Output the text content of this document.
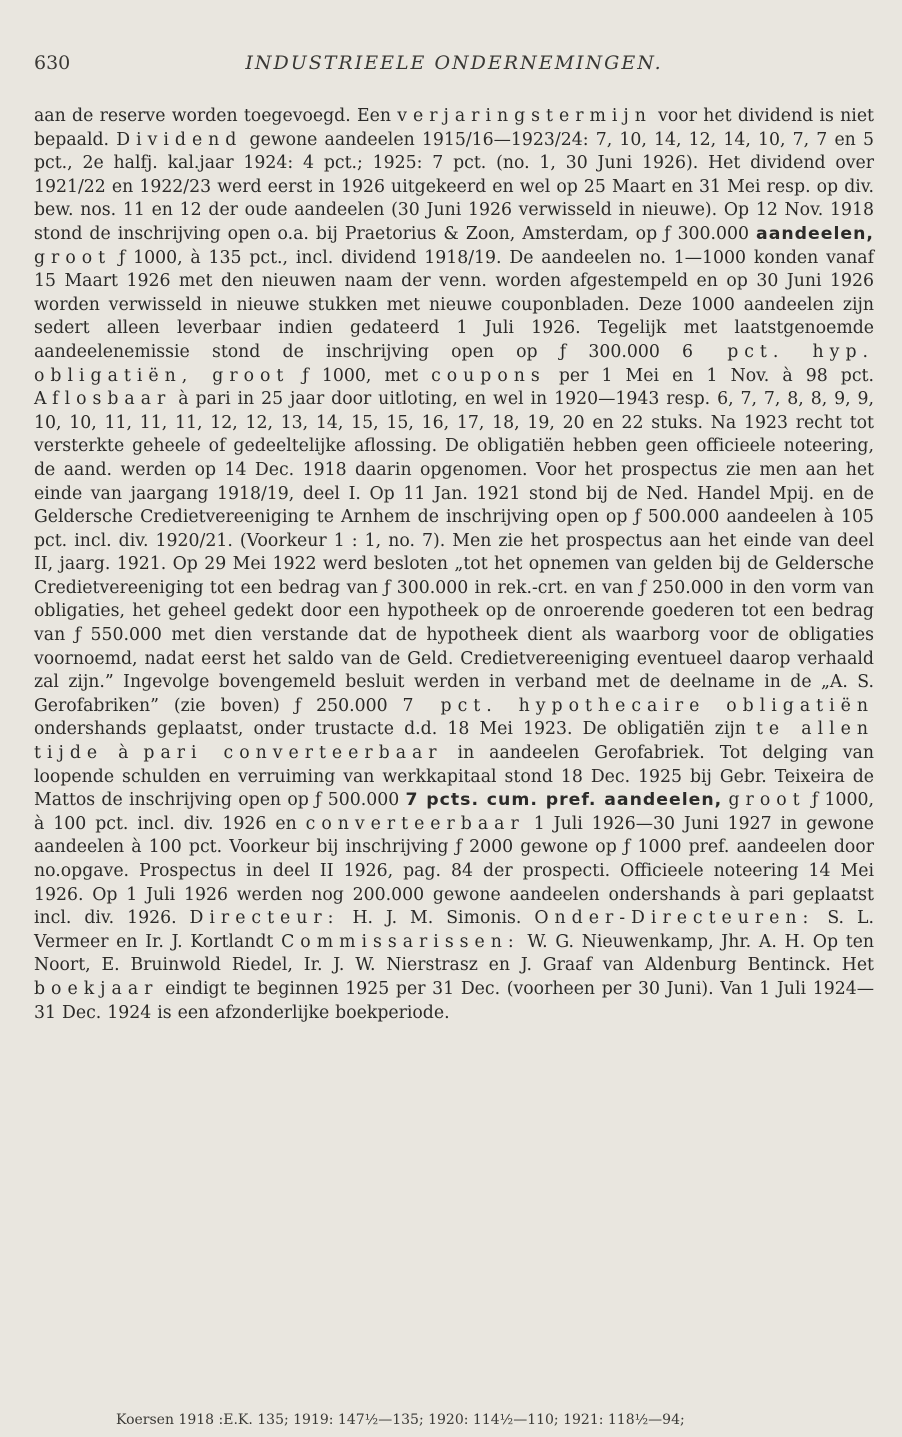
630	INDUSTRIEELE ONDERNEMINGEN.
aan de reserve worden toegevoegd. Een verjaringstermijn voor het dividend is niet bepaald. Dividend gewone aandeelen 1915/16—1923/24: 7, 10, 14, 12, 14, 10, 7, 7 en 5 pct., 2e halfj. kal.jaar 1924: 4 pct.; 1925: 7 pct. (no. 1, 30 Juni 1926). Het dividend over 1921/22 en 1922/23 werd eerst in 1926 uitgekeerd en wel op 25 Maart en 31 Mei resp. op div. bew. nos. 11 en 12 der oude aandeelen (30 Juni 1926 verwisseld in nieuwe). Op 12 Nov. 1918 stond de inschrijving open o.a. bij Praetorius & Zoon, Amsterdam, op ƒ 300.000 aandeelen, groot ƒ 1000, à 135 pct., incl. dividend 1918/19. De aandeelen no. 1—1000 konden vanaf 15 Maart 1926 met den nieuwen naam der venn. worden afgestempeld en op 30 Juni 1926 worden verwisseld in nieuwe stukken met nieuwe couponbladen. Deze 1000 aandeelen zijn sedert alleen leverbaar indien gedateerd 1 Juli 1926. Tegelijk met laatstgenoemde aandeelenemissie stond de inschrijving open op ƒ 300.000 6 pct. hyp. obligatiën, groot ƒ 1000, met coupons per 1 Mei en 1 Nov. à 98 pct. Aflosbaar à pari in 25 jaar door uitloting, en wel in 1920—1943 resp. 6, 7, 7, 8, 8, 9, 9, 10, 10, 11, 11, 11, 12, 12, 13, 14, 15, 15, 16, 17, 18, 19, 20 en 22 stuks. Na 1923 recht tot versterkte geheele of gedeeltelijke aflossing. De obligatiën hebben geen officieele noteering, de aand. werden op 14 Dec. 1918 daarin opgenomen. Voor het prospectus zie men aan het einde van jaargang 1918/19, deel I. Op 11 Jan. 1921 stond bij de Ned. Handel Mpij. en de Geldersche Credietvereeniging te Arnhem de inschrijving open op ƒ 500.000 aandeelen à 105 pct. incl. div. 1920/21. (Voorkeur 1 : 1, no. 7). Men zie het prospectus aan het einde van deel II, jaarg. 1921. Op 29 Mei 1922 werd besloten „tot het opnemen van gelden bij de Geldersche Credietvereeniging tot een bedrag van ƒ 300.000 in rek.-crt. en van ƒ 250.000 in den vorm van obligaties, het geheel gedekt door een hypotheek op de onroerende goederen tot een bedrag van ƒ 550.000 met dien verstande dat de hypotheek dient als waarborg voor de obligaties voornoemd, nadat eerst het saldo van de Geld. Credietvereeniging eventueel daarop verhaald zal zijn.” Ingevolge bovengemeld besluit werden in verband met de deelname in de „A. S. Gerofabriken” (zie boven) ƒ 250.000 7 pct. hypothecaire obligatiën ondershands geplaatst, onder trustacte d.d. 18 Mei 1923. De obligatiën zijn te allen tijde à pari converteerbaar in aandeelen Gerofabriek. Tot delging van loopende schulden en verruiming van werkkapitaal stond 18 Dec. 1925 bij Gebr. Teixeira de Mattos de inschrijving open op ƒ 500.000 7 pcts. cum. pref. aandeelen, groot ƒ 1000, à 100 pct. incl. div. 1926 en converteerbaar 1 Juli 1926—30 Juni 1927 in gewone aandeelen à 100 pct. Voorkeur bij inschrijving ƒ 2000 gewone op ƒ 1000 pref. aandeelen door no.opgave. Prospectus in deel II 1926, pag. 84 der prospecti. Officieele noteering 14 Mei 1926. Op 1 Juli 1926 werden nog 200.000 gewone aandeelen ondershands à pari geplaatst incl. div. 1926. Directeur: H. J. M. Simonis. Onder-Directeuren: S. L. Vermeer en Ir. J. Kortlandt Commissarissen: W. G. Nieuwenkamp, Jhr. A. H. Op ten Noort, E. Bruinwold Riedel, Ir. J. W. Nierstrasz en J. Graaf van Aldenburg Bentinck. Het boekjaar eindigt te beginnen 1925 per 31 Dec. (voorheen per 30 Juni). Van 1 Juli 1924—31 Dec. 1924 is een afzonderlijke boekperiode.
Koersen 1918 :E.K. 135; 1919: 147½—135; 1920: 114½—110; 1921: 118½—94;
